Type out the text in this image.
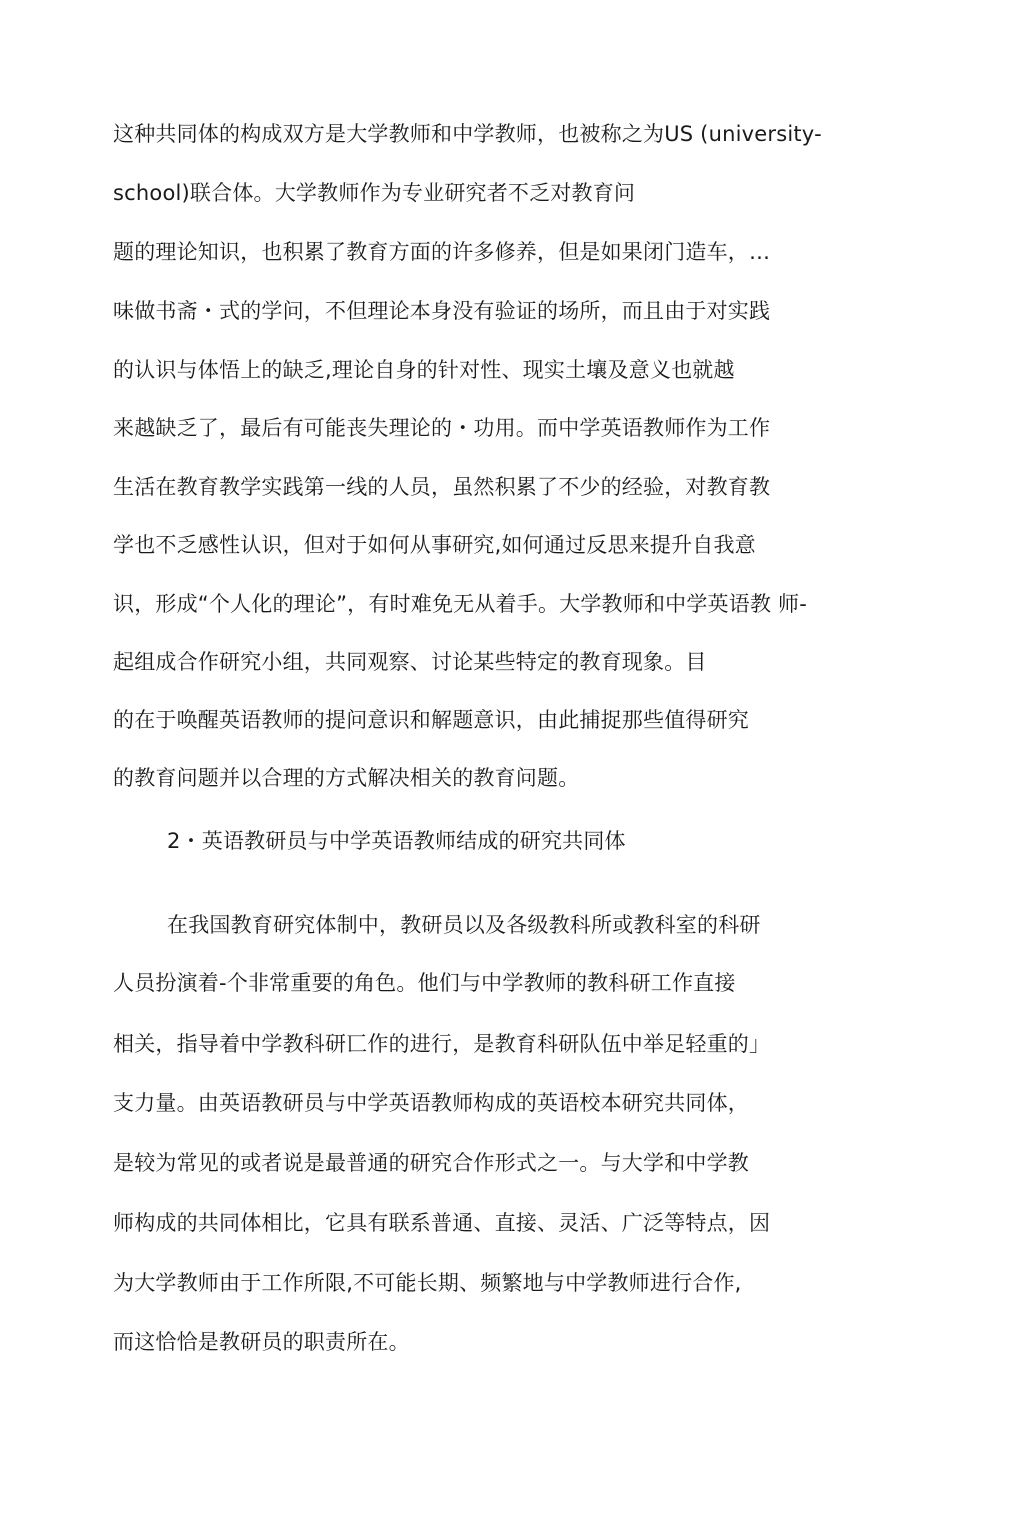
这种共同体的构成双方是大学教师和中学教师，也被称之为US (university-
school)联合体。大学教师作为专业研究者不乏对教育问
题的理论知识，也积累了教育方面的许多修养，但是如果闭门造车，…
味做书斋・式的学问，不但理论本身没有验证的场所，而且由于对实践
的认识与体悟上的缺乏,理论自身的针对性、现实土壤及意义也就越
来越缺乏了，最后有可能丧失理论的・功用。而中学英语教师作为工作
生活在教育教学实践第一线的人员，虽然积累了不少的经验，对教育教
学也不乏感性认识，但对于如何从事研究,如何通过反思来提升自我意
识，形成“个人化的理论”，有时难免无从着手。大学教师和中学英语教 师-
起组成合作研究小组，共同观察、讨论某些特定的教育现象。目
的在于唤醒英语教师的提问意识和解题意识，由此捕捉那些值得研究
的教育问题并以合理的方式解决相关的教育问题。
2・英语教研员与中学英语教师结成的研究共同体
在我国教育研究体制中，教研员以及各级教科所或教科室的科研
人员扮演着-个非常重要的角色。他们与中学教师的教科研工作直接
相关，指导着中学教科研匸作的进行，是教育科研队伍中举足轻重的」
支力量。由英语教研员与中学英语教师构成的英语校本研究共同体，
是较为常见的或者说是最普通的研究合作形式之一。与大学和中学教
师构成的共同体相比，它具有联系普通、直接、灵活、广泛等特点，因
为大学教师由于工作所限,不可能长期、频繁地与中学教师进行合作,
而这恰恰是教研员的职责所在。
